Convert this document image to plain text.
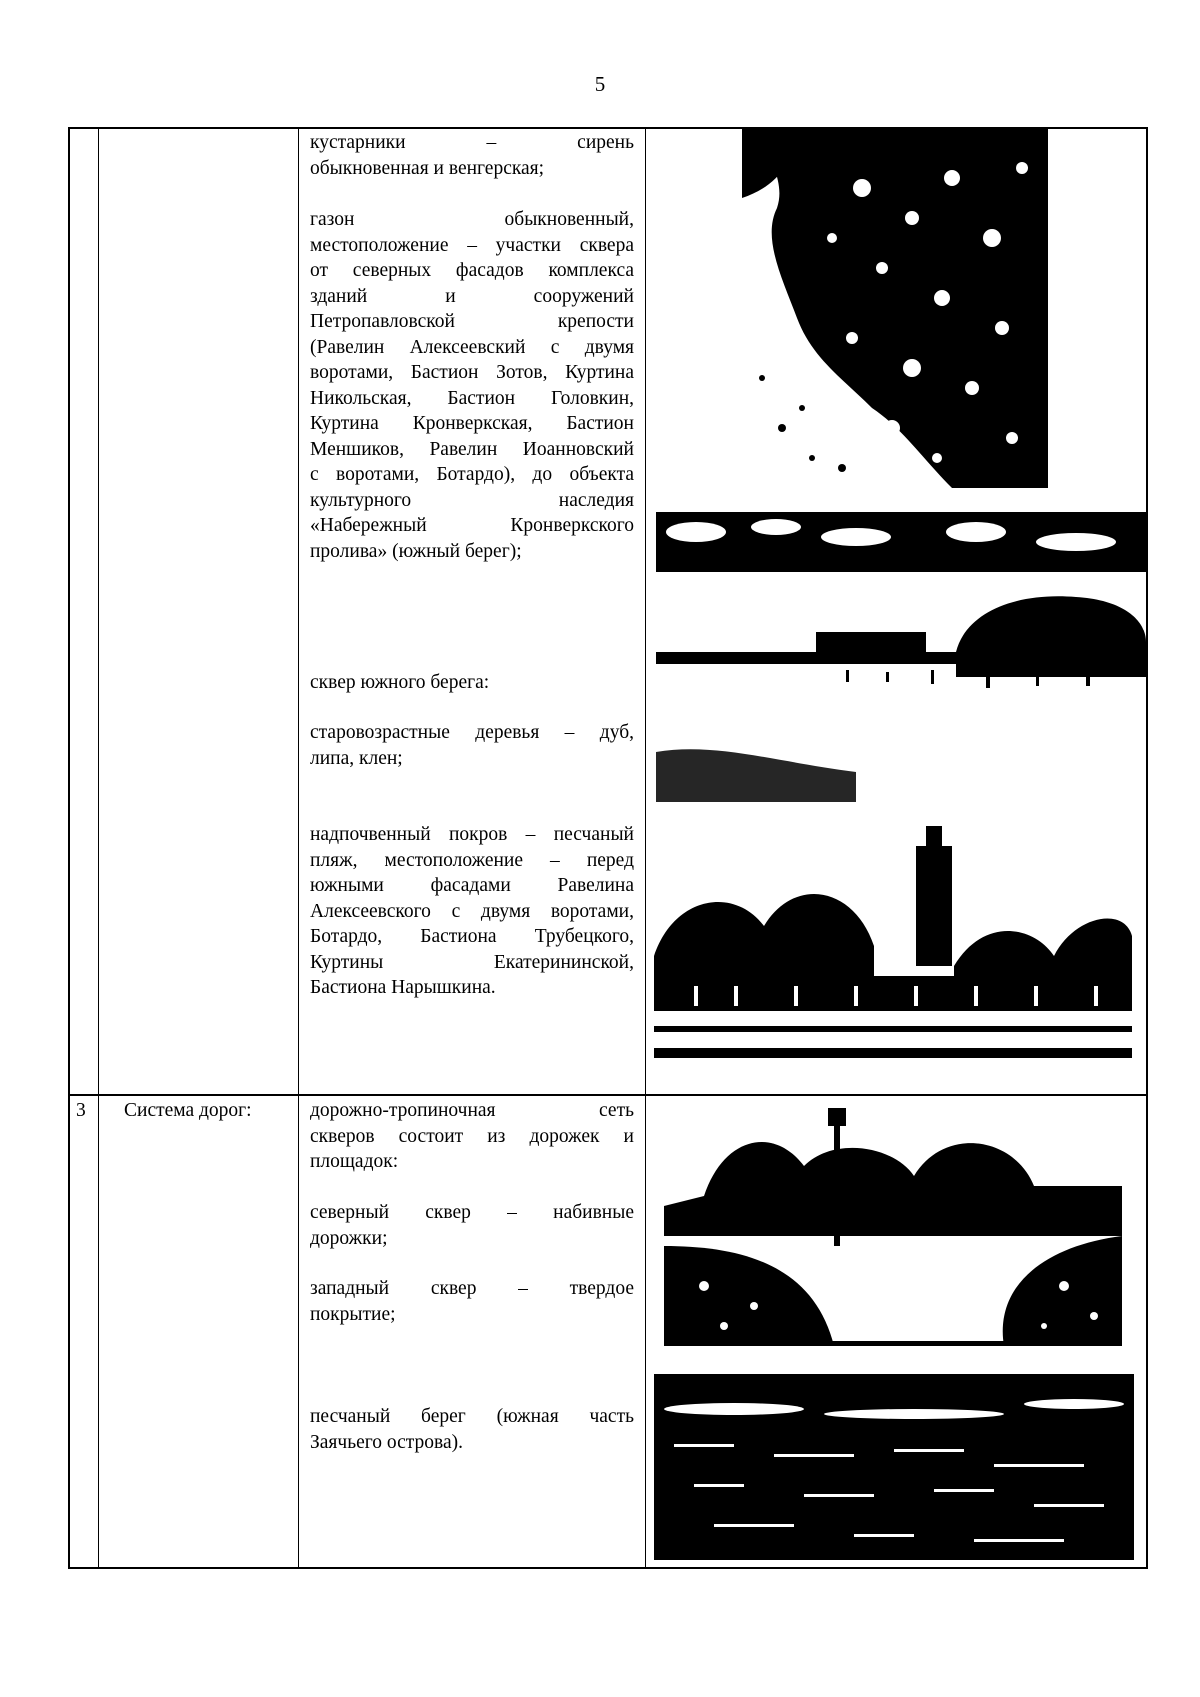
5
кустарники – сирень
обыкновенная и венгерская;
газон обыкновенный,
местоположение – участки сквера
от северных фасадов комплекса
зданий и сооружений
Петропавловской крепости
(Равелин Алексеевский с двумя
воротами, Бастион Зотов, Куртина
Никольская, Бастион Головкин,
Куртина Кронверкская, Бастион
Меншиков, Равелин Иоанновский
с воротами, Ботардо), до объекта
культурного наследия
«Набережный Кронверкского
пролива» (южный берег);
сквер южного берега:
старовозрастные деревья – дуб,
липа, клен;
надпочвенный покров – песчаный
пляж, местоположение – перед
южными фасадами Равелина
Алексеевского с двумя воротами,
Ботардо, Бастиона Трубецкого,
Куртины Екатерининской,
Бастиона Нарышкина.
3 Система дорог:	дорожно-тропиночная сеть
скверов состоит из дорожек и
площадок:
северный сквер – набивные
дорожки;
западный сквер – твердое
покрытие;
песчаный берег (южная часть
Заячьего острова).
